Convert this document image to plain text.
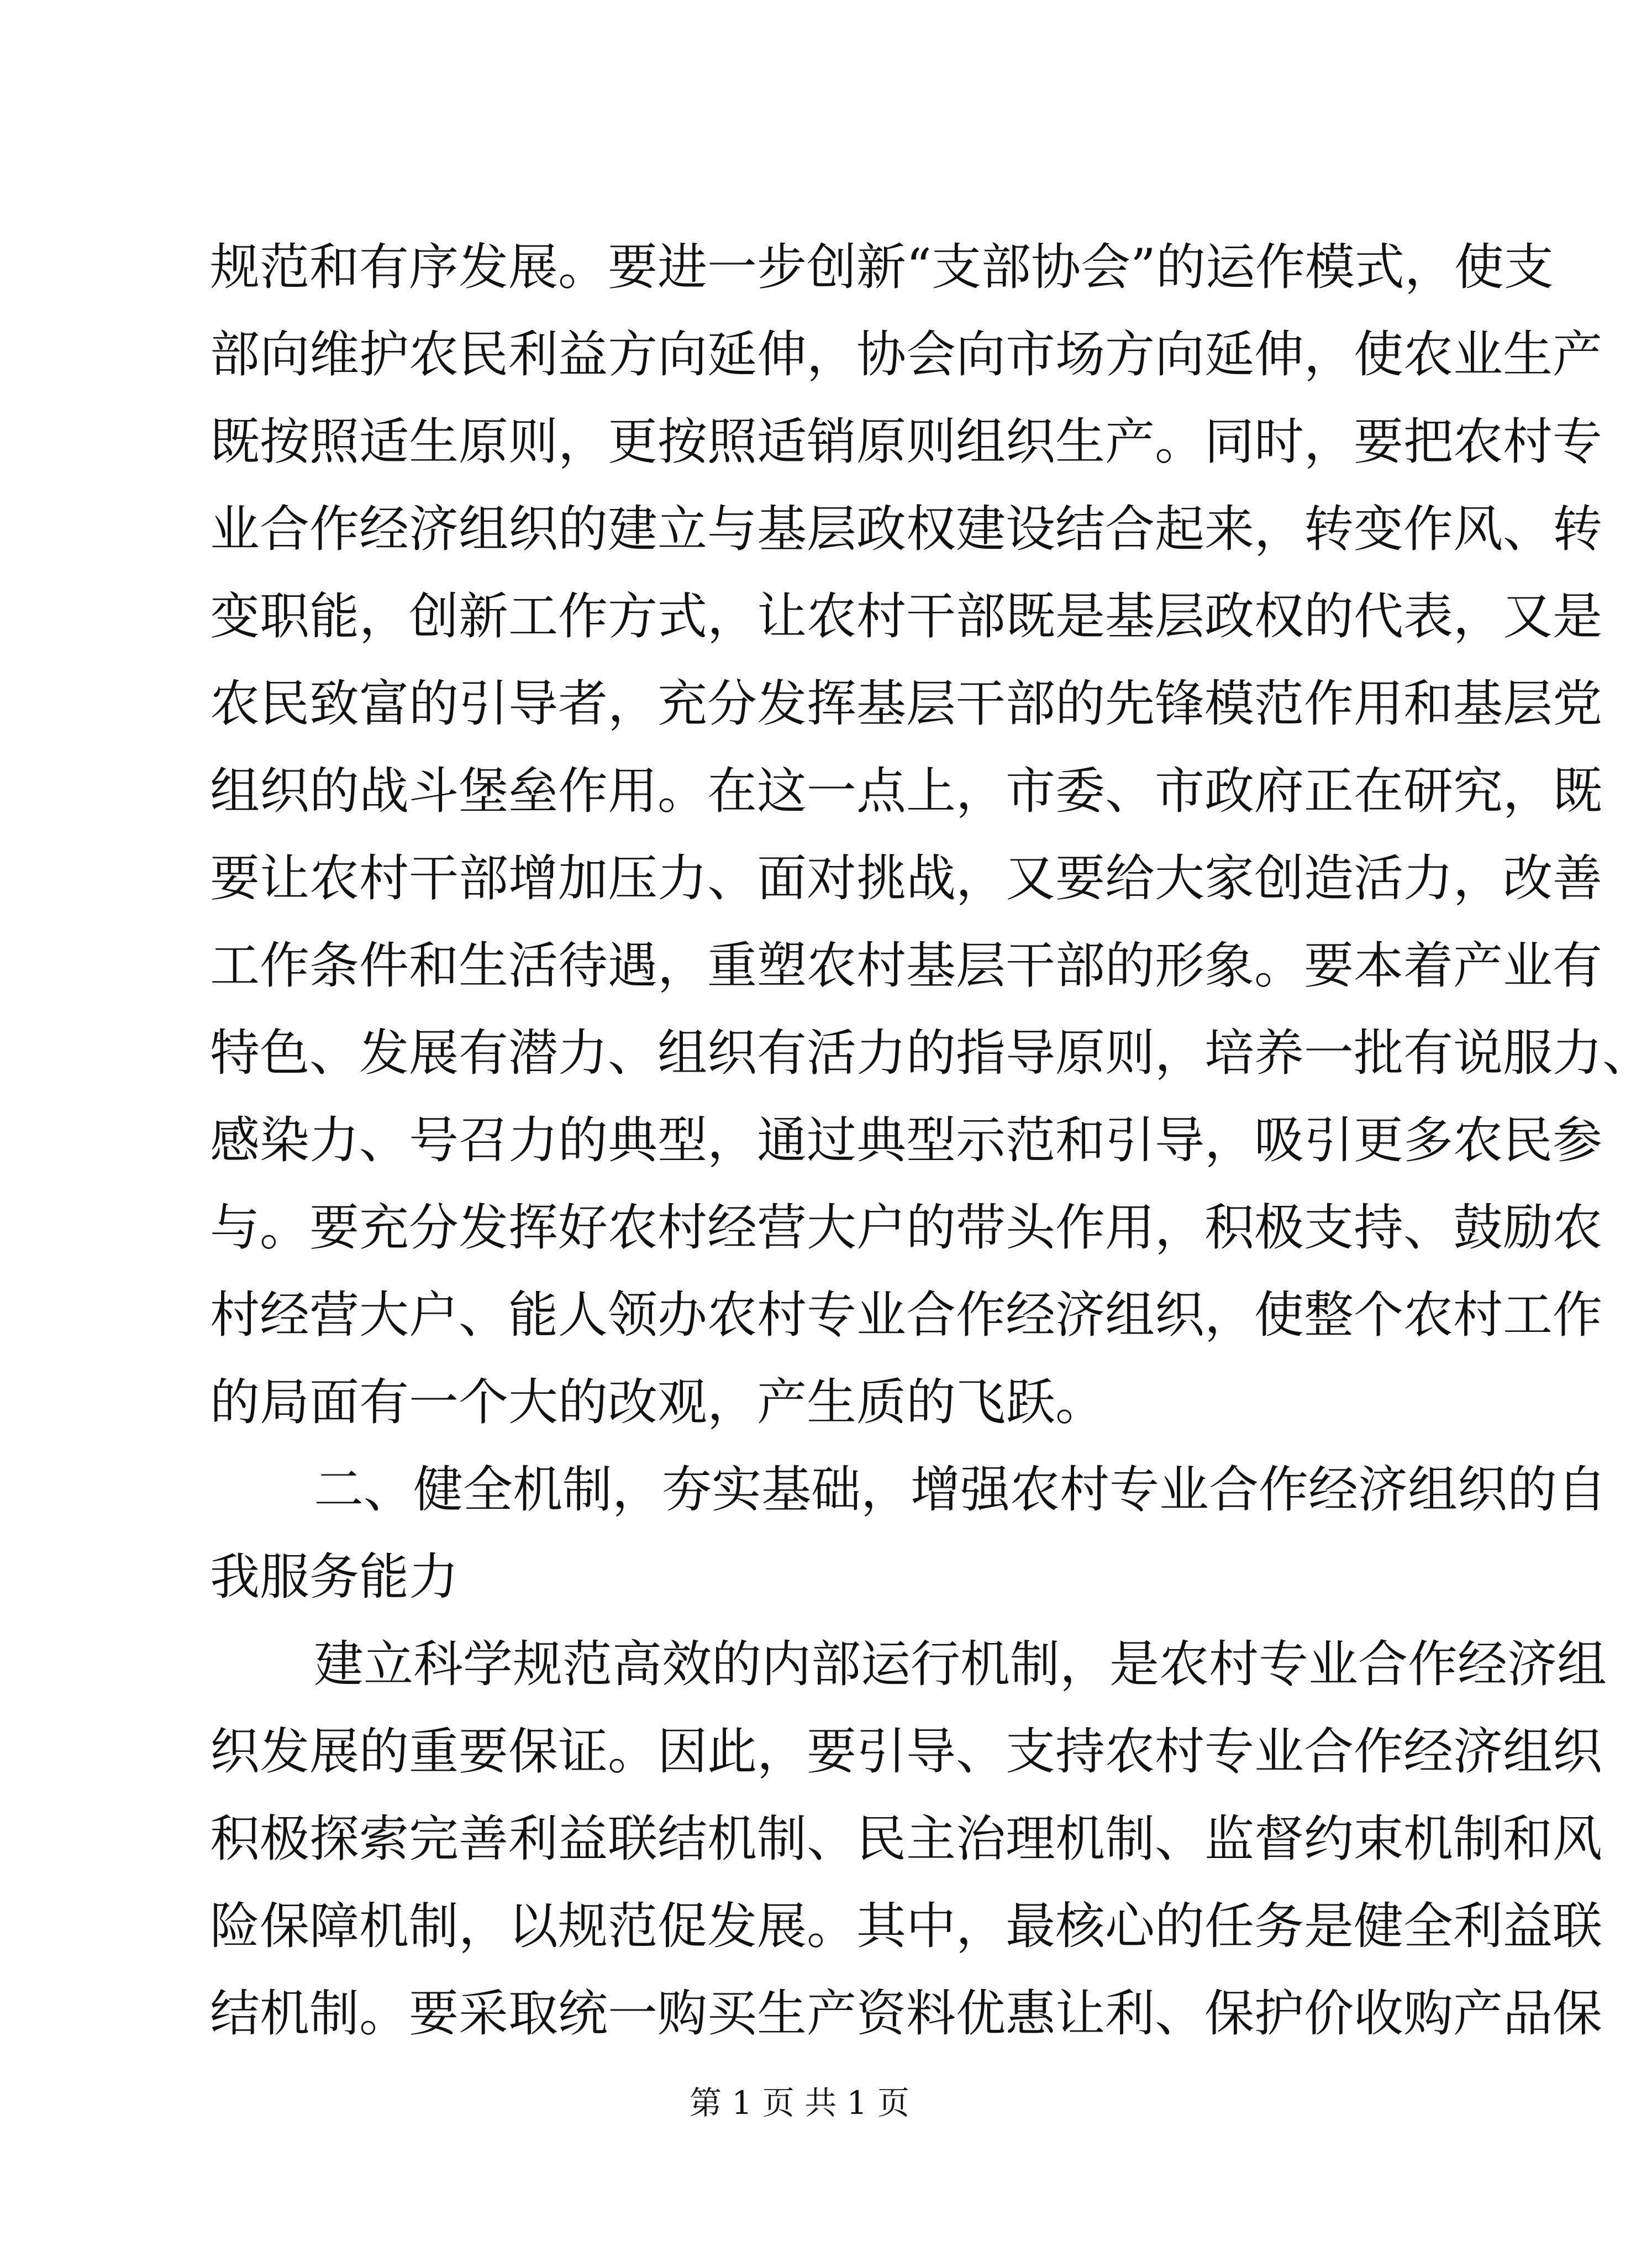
规范和有序发展。要进一步创新“支部协会”的运作模式，使支
部向维护农民利益方向延伸，协会向市场方向延伸，使农业生产
既按照适生原则，更按照适销原则组织生产。同时，要把农村专
业合作经济组织的建立与基层政权建设结合起来，转变作风、转
变职能，创新工作方式，让农村干部既是基层政权的代表，又是
农民致富的引导者，充分发挥基层干部的先锋模范作用和基层党
组织的战斗堡垒作用。在这一点上，市委、市政府正在研究，既
要让农村干部增加压力、面对挑战，又要给大家创造活力，改善
工作条件和生活待遇，重塑农村基层干部的形象。要本着产业有
特色、发展有潜力、组织有活力的指导原则，培养一批有说服力、
感染力、号召力的典型，通过典型示范和引导，吸引更多农民参
与。要充分发挥好农村经营大户的带头作用，积极支持、鼓励农
村经营大户、能人领办农村专业合作经济组织，使整个农村工作
的局面有一个大的改观，产生质的飞跃。
二、健全机制，夯实基础，增强农村专业合作经济组织的自
我服务能力
建立科学规范高效的内部运行机制，是农村专业合作经济组
织发展的重要保证。因此，要引导、支持农村专业合作经济组织
积极探索完善利益联结机制、民主治理机制、监督约束机制和风
险保障机制，以规范促发展。其中，最核心的任务是健全利益联
结机制。要采取统一购买生产资料优惠让利、保护价收购产品保
第 1 页 共 1 页
